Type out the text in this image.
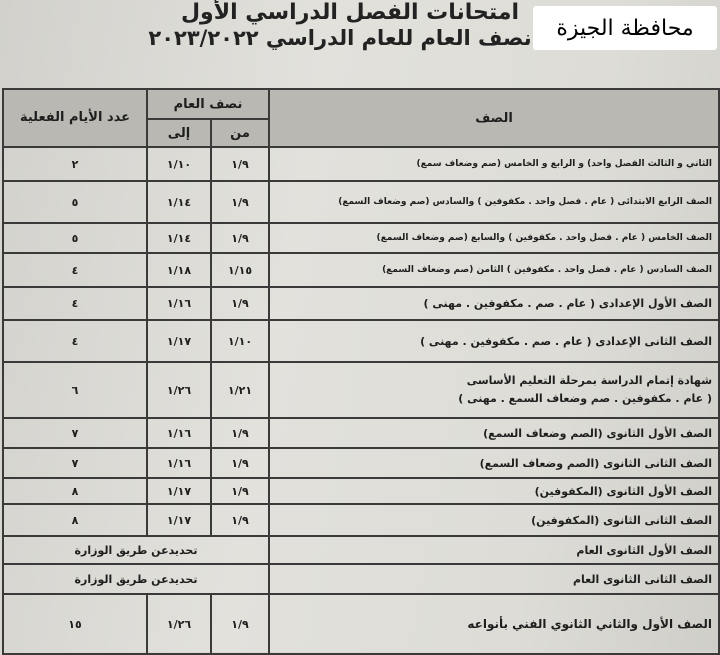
امتحانات الفصل الدراسي الأول
نصف العام للعام الدراسي ٢٠٢٣/٢٠٢٢	محافظة الجيزة
الصف	نصف العام		عدد الأيام الفعلية
	من	إلى	
الثاني و الثالث الفصل واحد) و الرابع و الخامس (صم وضعاف سمع)	١/٩	١/١٠	٢
الصف الرابع الابتدائى ( عام . فصل واحد . مكفوفين ) والسادس (صم وضعاف السمع)	١/٩	١/١٤	٥
الصف الخامس ( عام . فصل واحد . مكفوفين ) والسابع (صم وضعاف السمع)	١/٩	١/١٤	٥
الصف السادس ( عام . فصل واحد . مكفوفين ) الثامن (صم وضعاف السمع)	١/١٥	١/١٨	٤
الصف الأول الإعدادى ( عام . صم . مكفوفين . مهنى )	١/٩	١/١٦	٤
الصف الثانى الإعدادى ( عام . صم . مكفوفين . مهنى )	١/١٠	١/١٧	٤

شهادة إتمام الدراسة بمرحلة التعليم الأساسى
( عام . مكفوفين . صم وضعاف السمع . مهنى )	١/٢١	١/٢٦	٦
الصف الأول الثانوى (الصم وضعاف السمع)	١/٩	١/١٦	٧
الصف الثانى الثانوى (الصم وضعاف السمع)	١/٩	١/١٦	٧
الصف الأول الثانوى (المكفوفين)	١/٩	١/١٧	٨
الصف الثانى الثانوى (المكفوفين)	١/٩	١/١٧	٨
الصف الأول الثانوى العام	تحديدعن طريق الوزارة		
الصف الثانى الثانوى العام	تحديدعن طريق الوزارة		
الصف الأول والثاني الثانوي الفني بأنواعه	١/٩	١/٢٦	١٥
